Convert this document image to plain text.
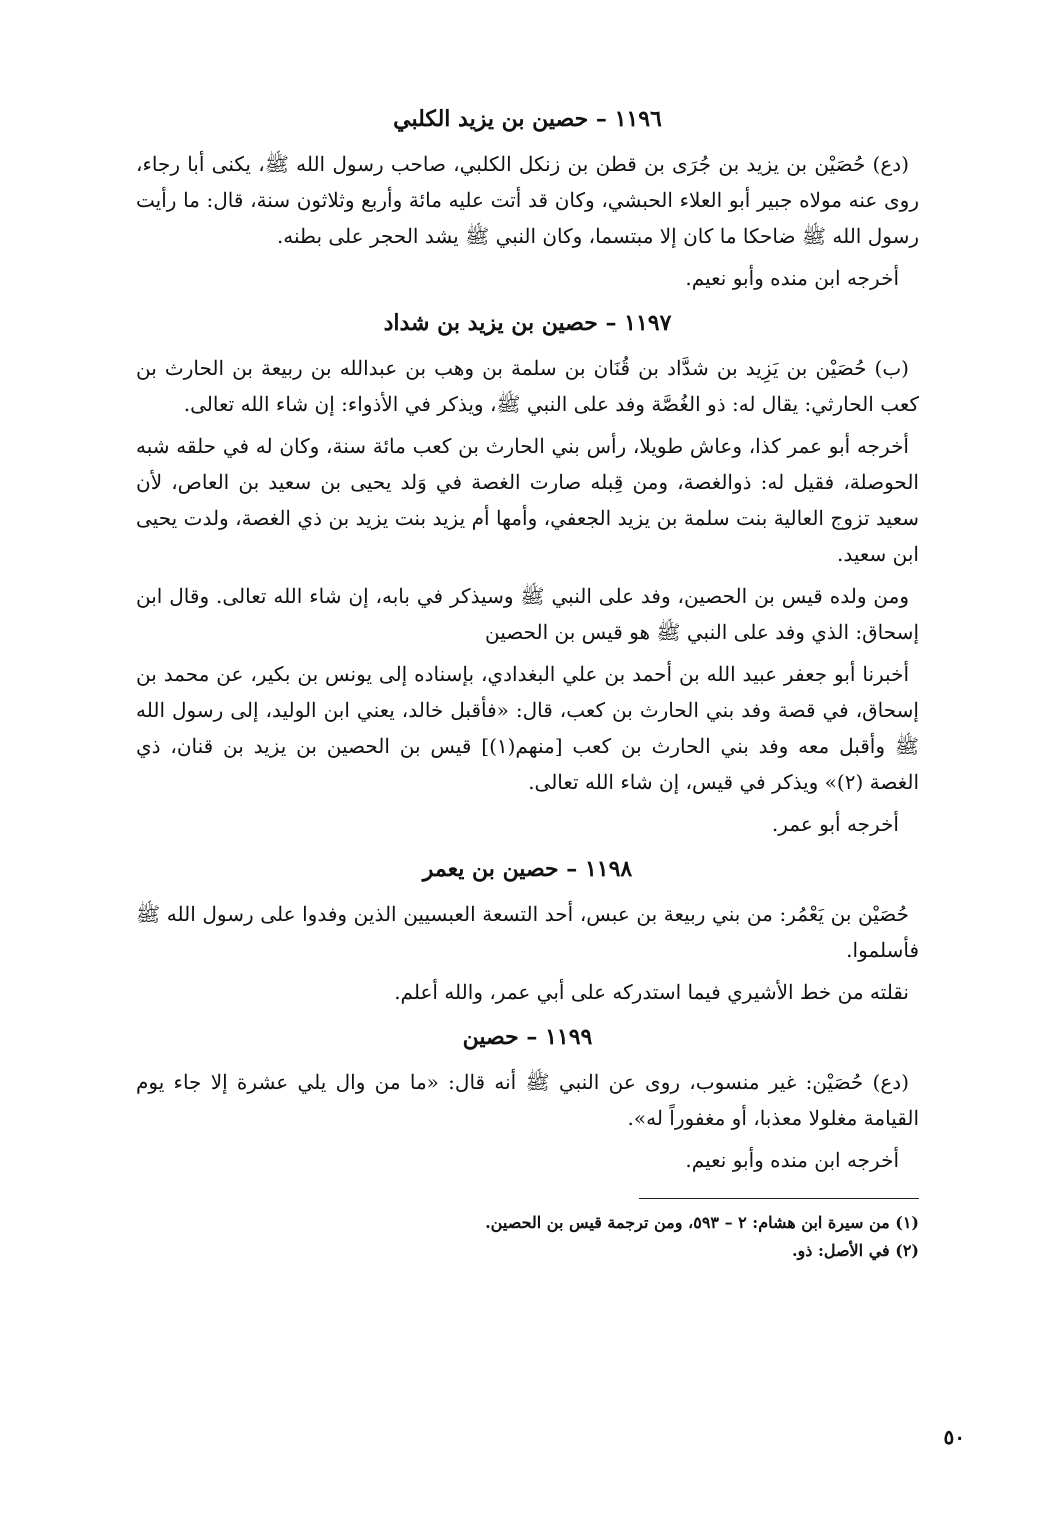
١١٩٦ – حصين بن يزيد الكلبي

(دع) حُصَيْن بن يزيد بن جُرَى بن قطن بن زنكل الكلبي، صاحب رسول الله ﷺ، يكنى أبا رجاء، روى عنه مولاه جبير أبو العلاء الحبشي، وكان قد أتت عليه مائة وأربع وثلاثون سنة، قال: ما رأيت رسول الله ﷺ ضاحكا ما كان إلا مبتسما، وكان النبي ﷺ يشد الحجر على بطنه.

أخرجه ابن منده وأبو نعيم.

١١٩٧ – حصين بن يزيد بن شداد

(ب) حُصَيْن بن يَزِيد بن شدَّاد بن قُنَان بن سلمة بن وهب بن عبدالله بن ربيعة بن الحارث بن كعب الحارثي: يقال له: ذو الغُصَّة وفد على النبي ﷺ، ويذكر في الأذواء: إن شاء الله تعالى.

أخرجه أبو عمر كذا، وعاش طويلا، رأس بني الحارث بن كعب مائة سنة، وكان له في حلقه شبه الحوصلة، فقيل له: ذوالغصة، ومن قِبله صارت الغصة في وَلد يحيى بن سعيد بن العاص، لأن سعيد تزوج العالية بنت سلمة بن يزيد الجعفي، وأمها أم يزيد بنت يزيد بن ذي الغصة، ولدت يحيى ابن سعيد.

ومن ولده قيس بن الحصين، وفد على النبي ﷺ وسيذكر في بابه، إن شاء الله تعالى. وقال ابن إسحاق: الذي وفد على النبي ﷺ هو قيس بن الحصين

أخبرنا أبو جعفر عبيد الله بن أحمد بن علي البغدادي، بإسناده إلى يونس بن بكير، عن محمد بن إسحاق، في قصة وفد بني الحارث بن كعب، قال: «فأقبل خالد، يعني ابن الوليد، إلى رسول الله ﷺ وأقبل معه وفد بني الحارث بن كعب [منهم(١)] قيس بن الحصين بن يزيد بن قنان، ذي الغصة (٢)» ويذكر في قيس، إن شاء الله تعالى.

أخرجه أبو عمر.

١١٩٨ – حصين بن يعمر

حُصَيْن بن يَعْمُر: من بني ربيعة بن عبس، أحد التسعة العبسيين الذين وفدوا على رسول الله ﷺ فأسلموا.

نقلته من خط الأشيري فيما استدركه على أبي عمر، والله أعلم.

١١٩٩ – حصين

(دع) حُصَيْن: غير منسوب، روى عن النبي ﷺ أنه قال: «ما من وال يلي عشرة إلا جاء يوم القيامة مغلولا معذبا، أو مغفوراً له».

أخرجه ابن منده وأبو نعيم.

(١) من سيرة ابن هشام: ٢ – ٥٩٣، ومن ترجمة قيس بن الحصين.

(٢) في الأصل: ذو.

٥٠
